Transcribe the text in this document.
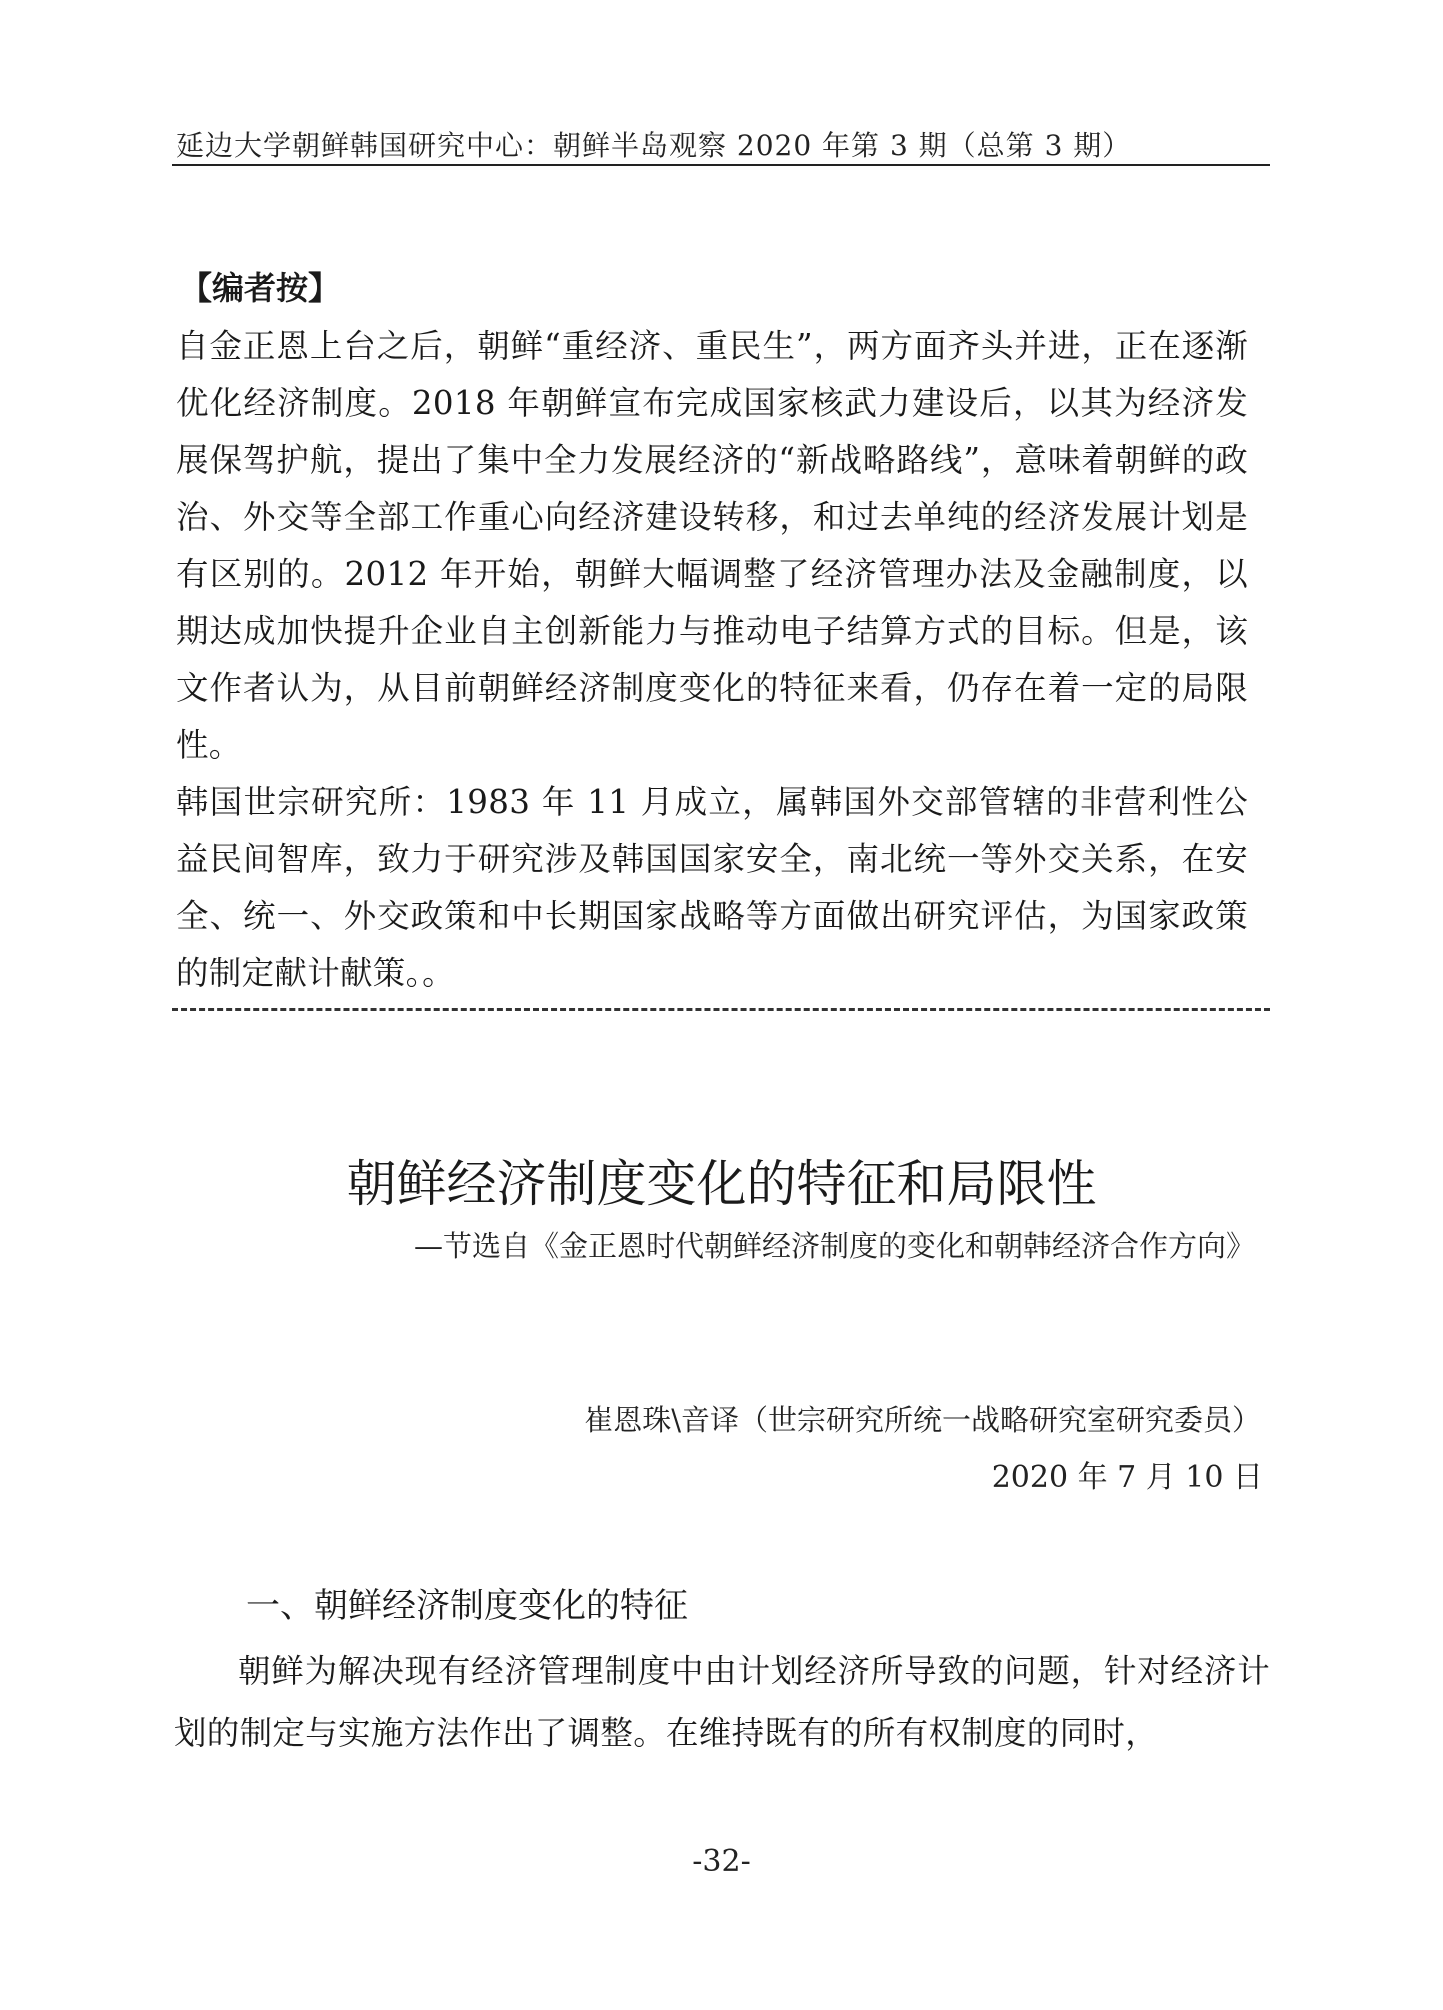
延边大学朝鲜韩国研究中心：朝鲜半岛观察 2020 年第 3 期（总第 3 期）
【编者按】

自金正恩上台之后，朝鲜“重经济、重民生”，两方面齐头并进，正在逐渐优化经济制度。2018 年朝鲜宣布完成国家核武力建设后，以其为经济发展保驾护航，提出了集中全力发展经济的“新战略路线”，意味着朝鲜的政治、外交等全部工作重心向经济建设转移，和过去单纯的经济发展计划是有区别的。2012 年开始，朝鲜大幅调整了经济管理办法及金融制度，以期达成加快提升企业自主创新能力与推动电子结算方式的目标。但是，该文作者认为，从目前朝鲜经济制度变化的特征来看，仍存在着一定的局限性。

韩国世宗研究所：1983 年 11 月成立，属韩国外交部管辖的非营利性公益民间智库，致力于研究涉及韩国国家安全，南北统一等外交关系，在安全、统一、外交政策和中长期国家战略等方面做出研究评估，为国家政策的制定献计献策。。

朝鲜经济制度变化的特征和局限性
—节选自《金正恩时代朝鲜经济制度的变化和朝韩经济合作方向》
崔恩珠\音译（世宗研究所统一战略研究室研究委员）
2020 年 7 月 10 日
一、朝鲜经济制度变化的特征

朝鲜为解决现有经济管理制度中由计划经济所导致的问题，针对经济计划的制定与实施方法作出了调整。在维持既有的所有权制度的同时，

-32-
